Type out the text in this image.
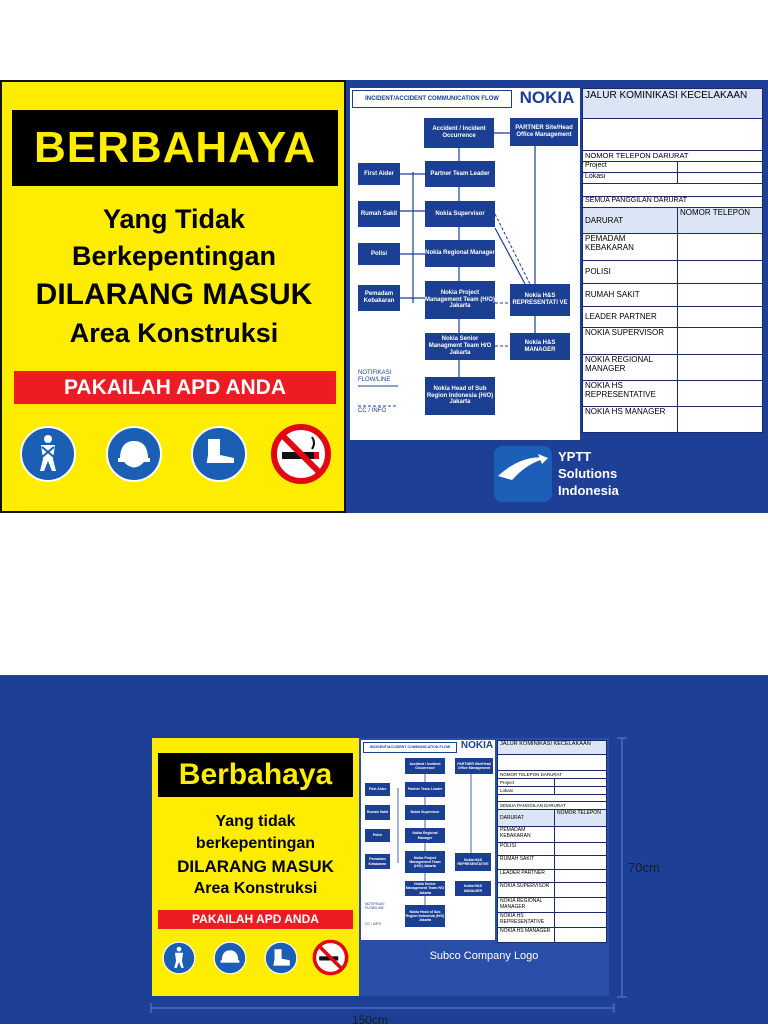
BERBAHAYA
Yang Tidak
Berkepentingan
DILARANG MASUK
Area Konstruksi
PAKAILAH APD ANDA
INCIDENT/ACCIDENT COMMUNICATION FLOW	NOKIA
Accident / Incident Occurrence
PARTNER Site/Head Office Management
First Aider	Partner Team Leader
Rumah Sakit	Nokia Supervisor
Polisi	Nokia Regional Manager
Pemadam Kebakaran
Nokia Project Management Team (H/O) Jakarta
Nokia H&S REPRESENTATI VE
Nokia Senior Managment Team H/O Jakarta
Nokia H&S MANAGER
Nokia Head of Sub Region Indonesia (H/O) Jakarta
NOTIFIKASI FLOW/LINE
CC / INFO
JALUR KOMINIKASI KECELAKAAN	

NOMOR TELEPON DARURAT	
Project	
Lokasi	

SEMUA PANGGILAN DARURAT	
DARURAT	NOMOR TELEPON
PEMADAM KEBAKARAN	
POLISI	
RUMAH SAKIT	
LEADER PARTNER	
NOKIA SUPERVISOR	
NOKIA REGIONAL MANAGER	
NOKIA HS REPRESENTATIVE	
NOKIA HS MANAGER	
YPTT
Solutions
Indonesia
Berbahaya
Yang tidak
berkepentingan
DILARANG MASUK
Area Konstruksi
PAKAILAH APD ANDA
INCIDENT/ACCIDENT COMMUNICATION FLOW	NOKIA
Accident / Incident Occurrence
PARTNER Site/Head Office Management
First Aider	Partner Team Leader
Rumah Sakit	Nokia Supervisor
Polisi	Nokia Regional Manager
Pemadam Kebakaran
Nokia Project Management Team (H/O) Jakarta
Nokia H&S REPRESENTATIVE
Nokia Senior Management Team H/O Jakarta
Nokia H&S MANAGER
Nokia Head of Sub Region Indonesia (H/O) Jakarta
NOTIFIKASI FLOW/LINE
CC / INFO
JALUR KOMINIKASI KECELAKAAN	

NOMOR TELEPON DARURAT	
Project	
Lokasi	

SEMUA PANGGILAN DARURAT	
DARURAT	NOMOR TELEPON
PEMADAM KEBAKARAN	
POLISI	
RUMAH SAKIT	
LEADER PARTNER	
NOKIA SUPERVISOR	
NOKIA REGIONAL MANAGER	
NOKIA HS REPRESENTATIVE	
NOKIA HS MANAGER	
Subco Company Logo
70cm
150cm
